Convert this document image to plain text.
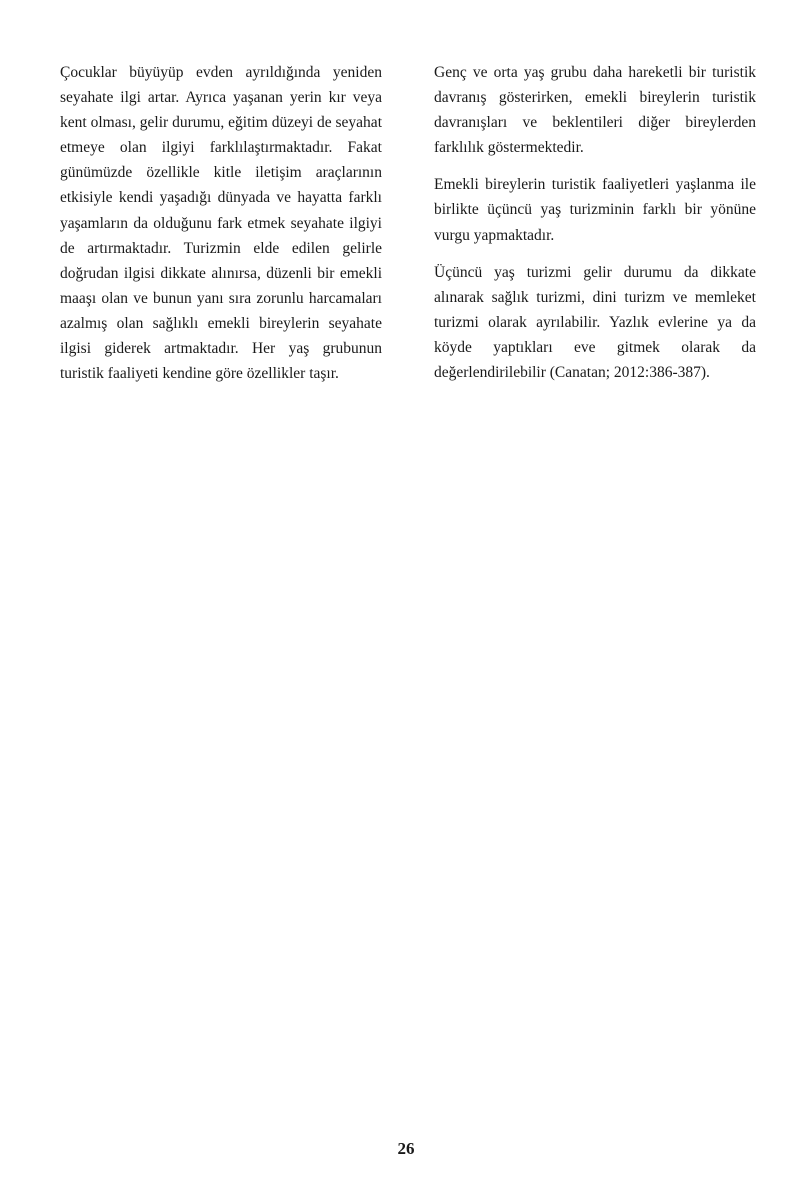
Çocuklar büyüyüp evden ayrıldığında yeniden seyahate ilgi artar. Ayrıca yaşanan yerin kır veya kent olması, gelir durumu, eğitim düzeyi de seyahat etmeye olan ilgiyi farklılaştırmaktadır. Fakat günümüzde özellikle kitle iletişim araçlarının etkisiyle kendi yaşadığı dünyada ve hayatta farklı yaşamların da olduğunu fark etmek seyahate ilgiyi de artırmaktadır. Turizmin elde edilen gelirle doğrudan ilgisi dikkate alınırsa, düzenli bir emekli maaşı olan ve bunun yanı sıra zorunlu harcamaları azalmış olan sağlıklı emekli bireylerin seyahate ilgisi giderek artmaktadır. Her yaş grubunun turistik faaliyeti kendine göre özellikler taşır.

Genç ve orta yaş grubu daha hareketli bir turistik davranış gösterirken, emekli bireylerin turistik davranışları ve beklentileri diğer bireylerden farklılık göstermektedir.

Emekli bireylerin turistik faaliyetleri yaşlanma ile birlikte üçüncü yaş turizminin farklı bir yönüne vurgu yapmaktadır.

Üçüncü yaş turizmi gelir durumu da dikkate alınarak sağlık turizmi, dini turizm ve memleket turizmi olarak ayrılabilir. Yazlık evlerine ya da köyde yaptıkları eve gitmek olarak da değerlendirilebilir (Canatan; 2012:386-387).

26
